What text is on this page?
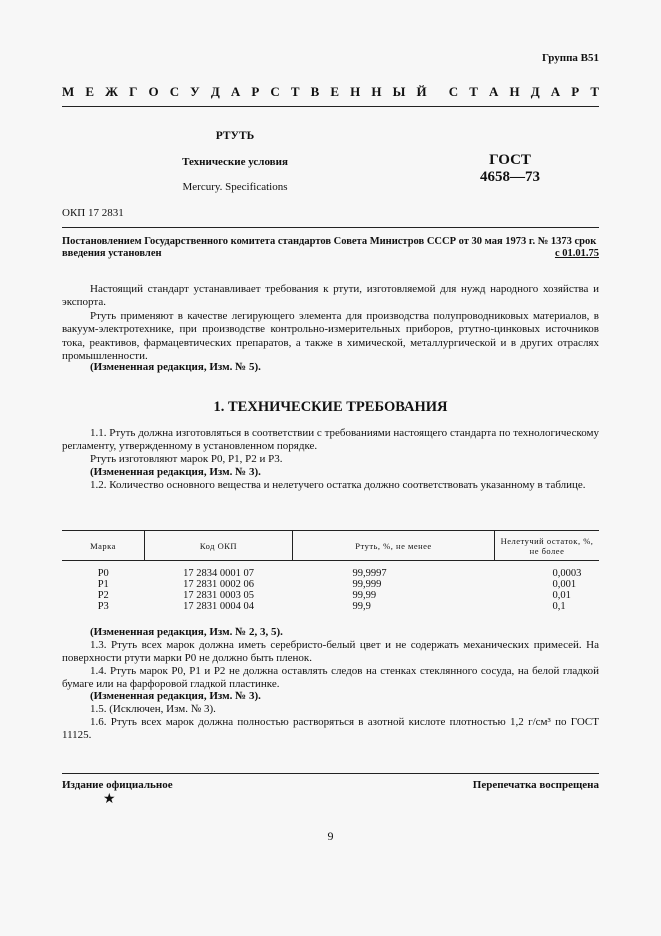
Группа В51
М Е Ж Г О С У Д А Р С Т В Е Н Н Ы Й С Т А Н Д А Р Т
РТУТЬ
Технические условия
Mercury. Specifications
ГОСТ
4658—73
ОКП 17 2831
Постановлением Государственного комитета стандартов Совета Министров СССР от 30 мая 1973 г. № 1373 срок введения установлен	с 01.01.75
Настоящий стандарт устанавливает требования к ртути, изготовляемой для нужд народного хозяйства и экспорта.
Ртуть применяют в качестве легирующего элемента для производства полупроводниковых материалов, в вакуум-электротехнике, при производстве контрольно-измерительных приборов, ртутно-цинковых источников тока, реактивов, фармацевтических препаратов, а также в химической, металлургической и в других отраслях промышленности.
(Измененная редакция, Изм. № 5).
1. ТЕХНИЧЕСКИЕ ТРЕБОВАНИЯ
1.1. Ртуть должна изготовляться в соответствии с требованиями настоящего стандарта по технологическому регламенту, утвержденному в установленном порядке.
Ртуть изготовляют марок Р0, Р1, Р2 и Р3.
(Измененная редакция, Изм. № 3).
1.2. Количество основного вещества и нелетучего остатка должно соответствовать указанному в таблице.
Марка	Код ОКП	Ртуть, %, не менее	Нелетучий остаток, %, не более
Р0	17 2834 0001 07	99,9997	0,0003
Р1	17 2831 0002 06	99,999	0,001
Р2	17 2831 0003 05	99,99	0,01
Р3	17 2831 0004 04	99,9	0,1
(Измененная редакция, Изм. № 2, 3, 5).
1.3. Ртуть всех марок должна иметь серебристо-белый цвет и не содержать механических примесей. На поверхности ртути марки Р0 не должно быть пленок.
1.4. Ртуть марок Р0, Р1 и Р2 не должна оставлять следов на стенках стеклянного сосуда, на белой гладкой бумаге или на фарфоровой гладкой пластинке.
(Измененная редакция, Изм. № 3).
1.5. (Исключен, Изм. № 3).
1.6. Ртуть всех марок должна полностью растворяться в азотной кислоте плотностью 1,2 г/см³ по ГОСТ 11125.
Издание официальное	Перепечатка воспрещена
★
9
